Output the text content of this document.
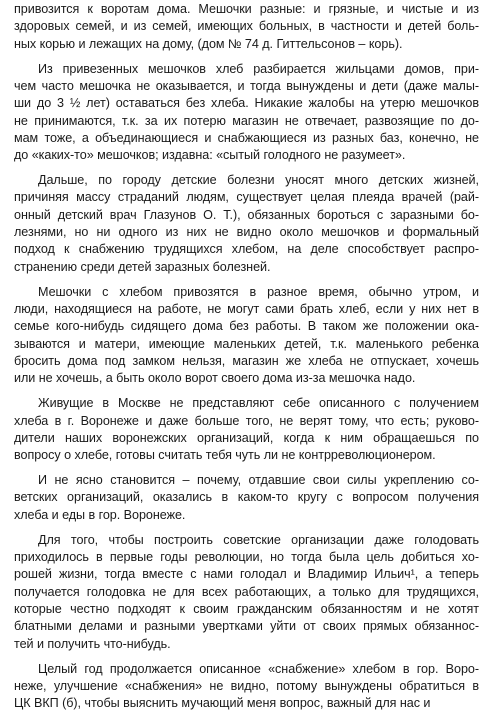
привозится к воротам дома. Мешочки разные: и грязные, и чистые и из
здоровых семей, и из семей, имеющих больных, в частности и детей боль-
ных корью и лежащих на дому, (дом № 74 д. Гиттельсонов – корь).
Из привезенных мешочков хлеб разбирается жильцами домов, при-
чем часто мешочка не оказывается, и тогда вынуждены и дети (даже малы-
ши до 3 ½ лет) оставаться без хлеба. Никакие жалобы на утерю мешочков
не принимаются, т.к. за их потерю магазин не отвечает, развозящие по до-
мам тоже, а объединающиеся и снабжающиеся из разных баз, конечно, не
до «каких-то» мешочков; издавна: «сытый голодного не разумеет».
Дальше, по городу детские болезни уносят много детских жизней,
причиняя массу страданий людям, существует целая плеяда врачей (рай-
онный детский врач Глазунов О. Т.), обязанных бороться с заразными бо-
лезнями, но ни одного из них не видно около мешочков и формальный
подход к снабжению трудящихся хлебом, на деле способствует распро-
странению среди детей заразных болезней.
Мешочки с хлебом привозятся в разное время, обычно утром, и
люди, находящиеся на работе, не могут сами брать хлеб, если у них нет в
семье кого-нибудь сидящего дома без работы. В таком же положении ока-
зываются и матери, имеющие маленьких детей, т.к. маленького ребенка
бросить дома под замком нельзя, магазин же хлеба не отпускает, хочешь
или не хочешь, а быть около ворот своего дома из-за мешочка надо.
Живущие в Москве не представляют себе описанного с получением
хлеба в г. Воронеже и даже больше того, не верят тому, что есть; руково-
дители наших воронежских организаций, когда к ним обращаешься по
вопросу о хлебе, готовы считать тебя чуть ли не контрреволюционером.
И не ясно становится – почему, отдавшие свои силы укреплению со-
ветских организаций, оказались в каком-то кругу с вопросом получения
хлеба и еды в гор. Воронеже.
Для того, чтобы построить советские организации даже голодовать
приходилось в первые годы революции, но тогда была цель добиться хо-
рошей жизни, тогда вместе с нами голодал и Владимир Ильич¹, а теперь
получается голодовка не для всех работающих, а только для трудящихся,
которые честно подходят к своим гражданским обязанностям и не хотят
блатными делами и разными увертками уйти от своих прямых обязаннос-
тей и получить что-нибудь.
Целый год продолжается описанное «снабжение» хлебом в гор. Воро-
неже, улучшение «снабжения» не видно, потому вынуждены обратиться в
ЦК ВКП (б), чтобы выяснить мучающий меня вопрос, важный для нас и
